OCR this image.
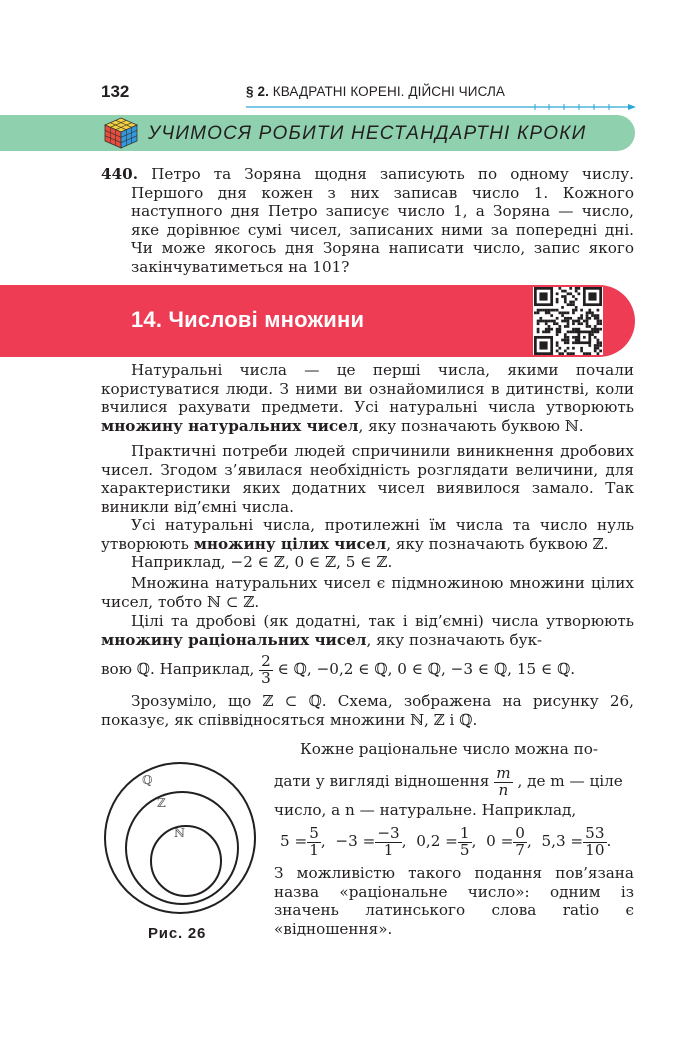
132	§ 2. КВАДРАТНІ КОРЕНІ. ДІЙСНІ ЧИСЛА
УЧИМОСЯ РОБИТИ НЕСТАНДАРТНІ КРОКИ

440. Петро та Зоряна щодня записують по одному числу. Першого дня кожен з них записав число 1. Кожного наступного дня Петро записує число 1, а Зоряна — число, яке дорівнює сумі чисел, записаних ними за попередні дні. Чи може якогось дня Зоряна написати число, запис якого закінчуватиметься на 101?

14. Числові множини

Натуральні числа — це перші числа, якими почали користуватися люди. З ними ви ознайомилися в дитинстві, коли вчилися рахувати предмети. Усі натуральні числа утворюють множину натуральних чисел, яку позначають буквою ℕ.

Практичні потреби людей спричинили виникнення дробових чисел. Згодом з’явилася необхідність розглядати величини, для характеристики яких додатних чисел виявилося замало. Так виникли від’ємні числа.

Усі натуральні числа, протилежні їм числа та число нуль утворюють множину цілих чисел, яку позначають буквою ℤ.

Наприклад, −2 ∈ ℤ, 0 ∈ ℤ, 5 ∈ ℤ.

Множина натуральних чисел є підмножиною множини цілих чисел, тобто ℕ ⊂ ℤ.

Цілі та дробові (як додатні, так і від’ємні) числа утворюють множину раціональних чисел, яку позначають бук-

вою ℚ. Наприклад, $\frac{2}{3}$ ∈ ℚ, −0,2 ∈ ℚ, 0 ∈ ℚ, −3 ∈ ℚ, 15 ∈ ℚ.

Зрозуміло, що ℤ ⊂ ℚ. Схема, зображена на рисунку 26, показує, як співвідносяться множини ℕ, ℤ і ℚ.

Кожне раціональне число можна по-
дати у вигляді відношення $\frac{m}{n}$ , де m — ціле
число, а n — натуральне. Наприклад,
$5 = \frac{5}{1}$ , $-3 = \frac{-3}{1}$ , $0,2 = \frac{1}{5}$ , $0 = \frac{0}{7}$ , $5,3 = \frac{53}{10}$ .

З можливістю такого подання пов’язана назва «раціональне число»: одним із значень латинського слова ratio є «відношення».

ℚ
ℤ
ℕ
Рис. 26
